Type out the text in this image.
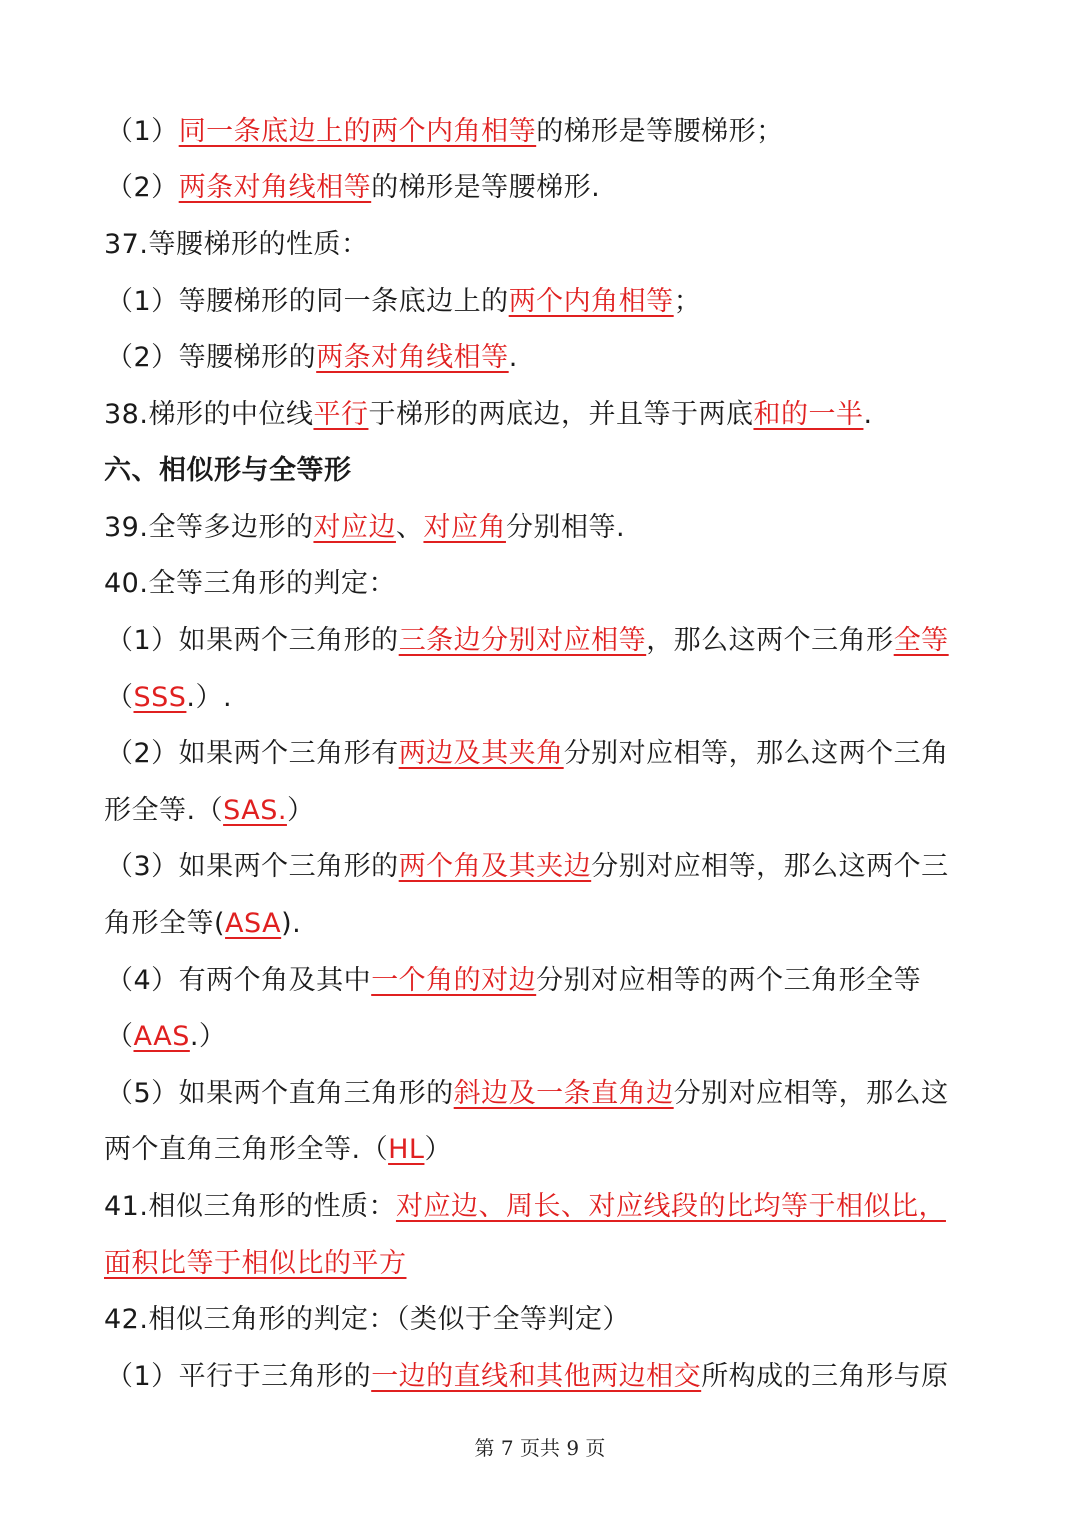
（1）同一条底边上的两个内角相等的梯形是等腰梯形；
（2）两条对角线相等的梯形是等腰梯形.
37.等腰梯形的性质：
（1）等腰梯形的同一条底边上的两个内角相等；
（2）等腰梯形的两条对角线相等.
38.梯形的中位线平行于梯形的两底边，并且等于两底和的一半.
六、相似形与全等形
39.全等多边形的对应边、对应角分别相等.
40.全等三角形的判定：
（1）如果两个三角形的三条边分别对应相等，那么这两个三角形全等
（SSS.）.
（2）如果两个三角形有两边及其夹角分别对应相等，那么这两个三角
形全等.（SAS.）
（3）如果两个三角形的两个角及其夹边分别对应相等，那么这两个三
角形全等(ASA).
（4）有两个角及其中一个角的对边分别对应相等的两个三角形全等
（AAS.）
（5）如果两个直角三角形的斜边及一条直角边分别对应相等，那么这
两个直角三角形全等.（HL）
41.相似三角形的性质：对应边、周长、对应线段的比均等于相似比，
面积比等于相似比的平方
42.相似三角形的判定：（类似于全等判定）
（1）平行于三角形的一边的直线和其他两边相交所构成的三角形与原
第 7 页共 9 页
